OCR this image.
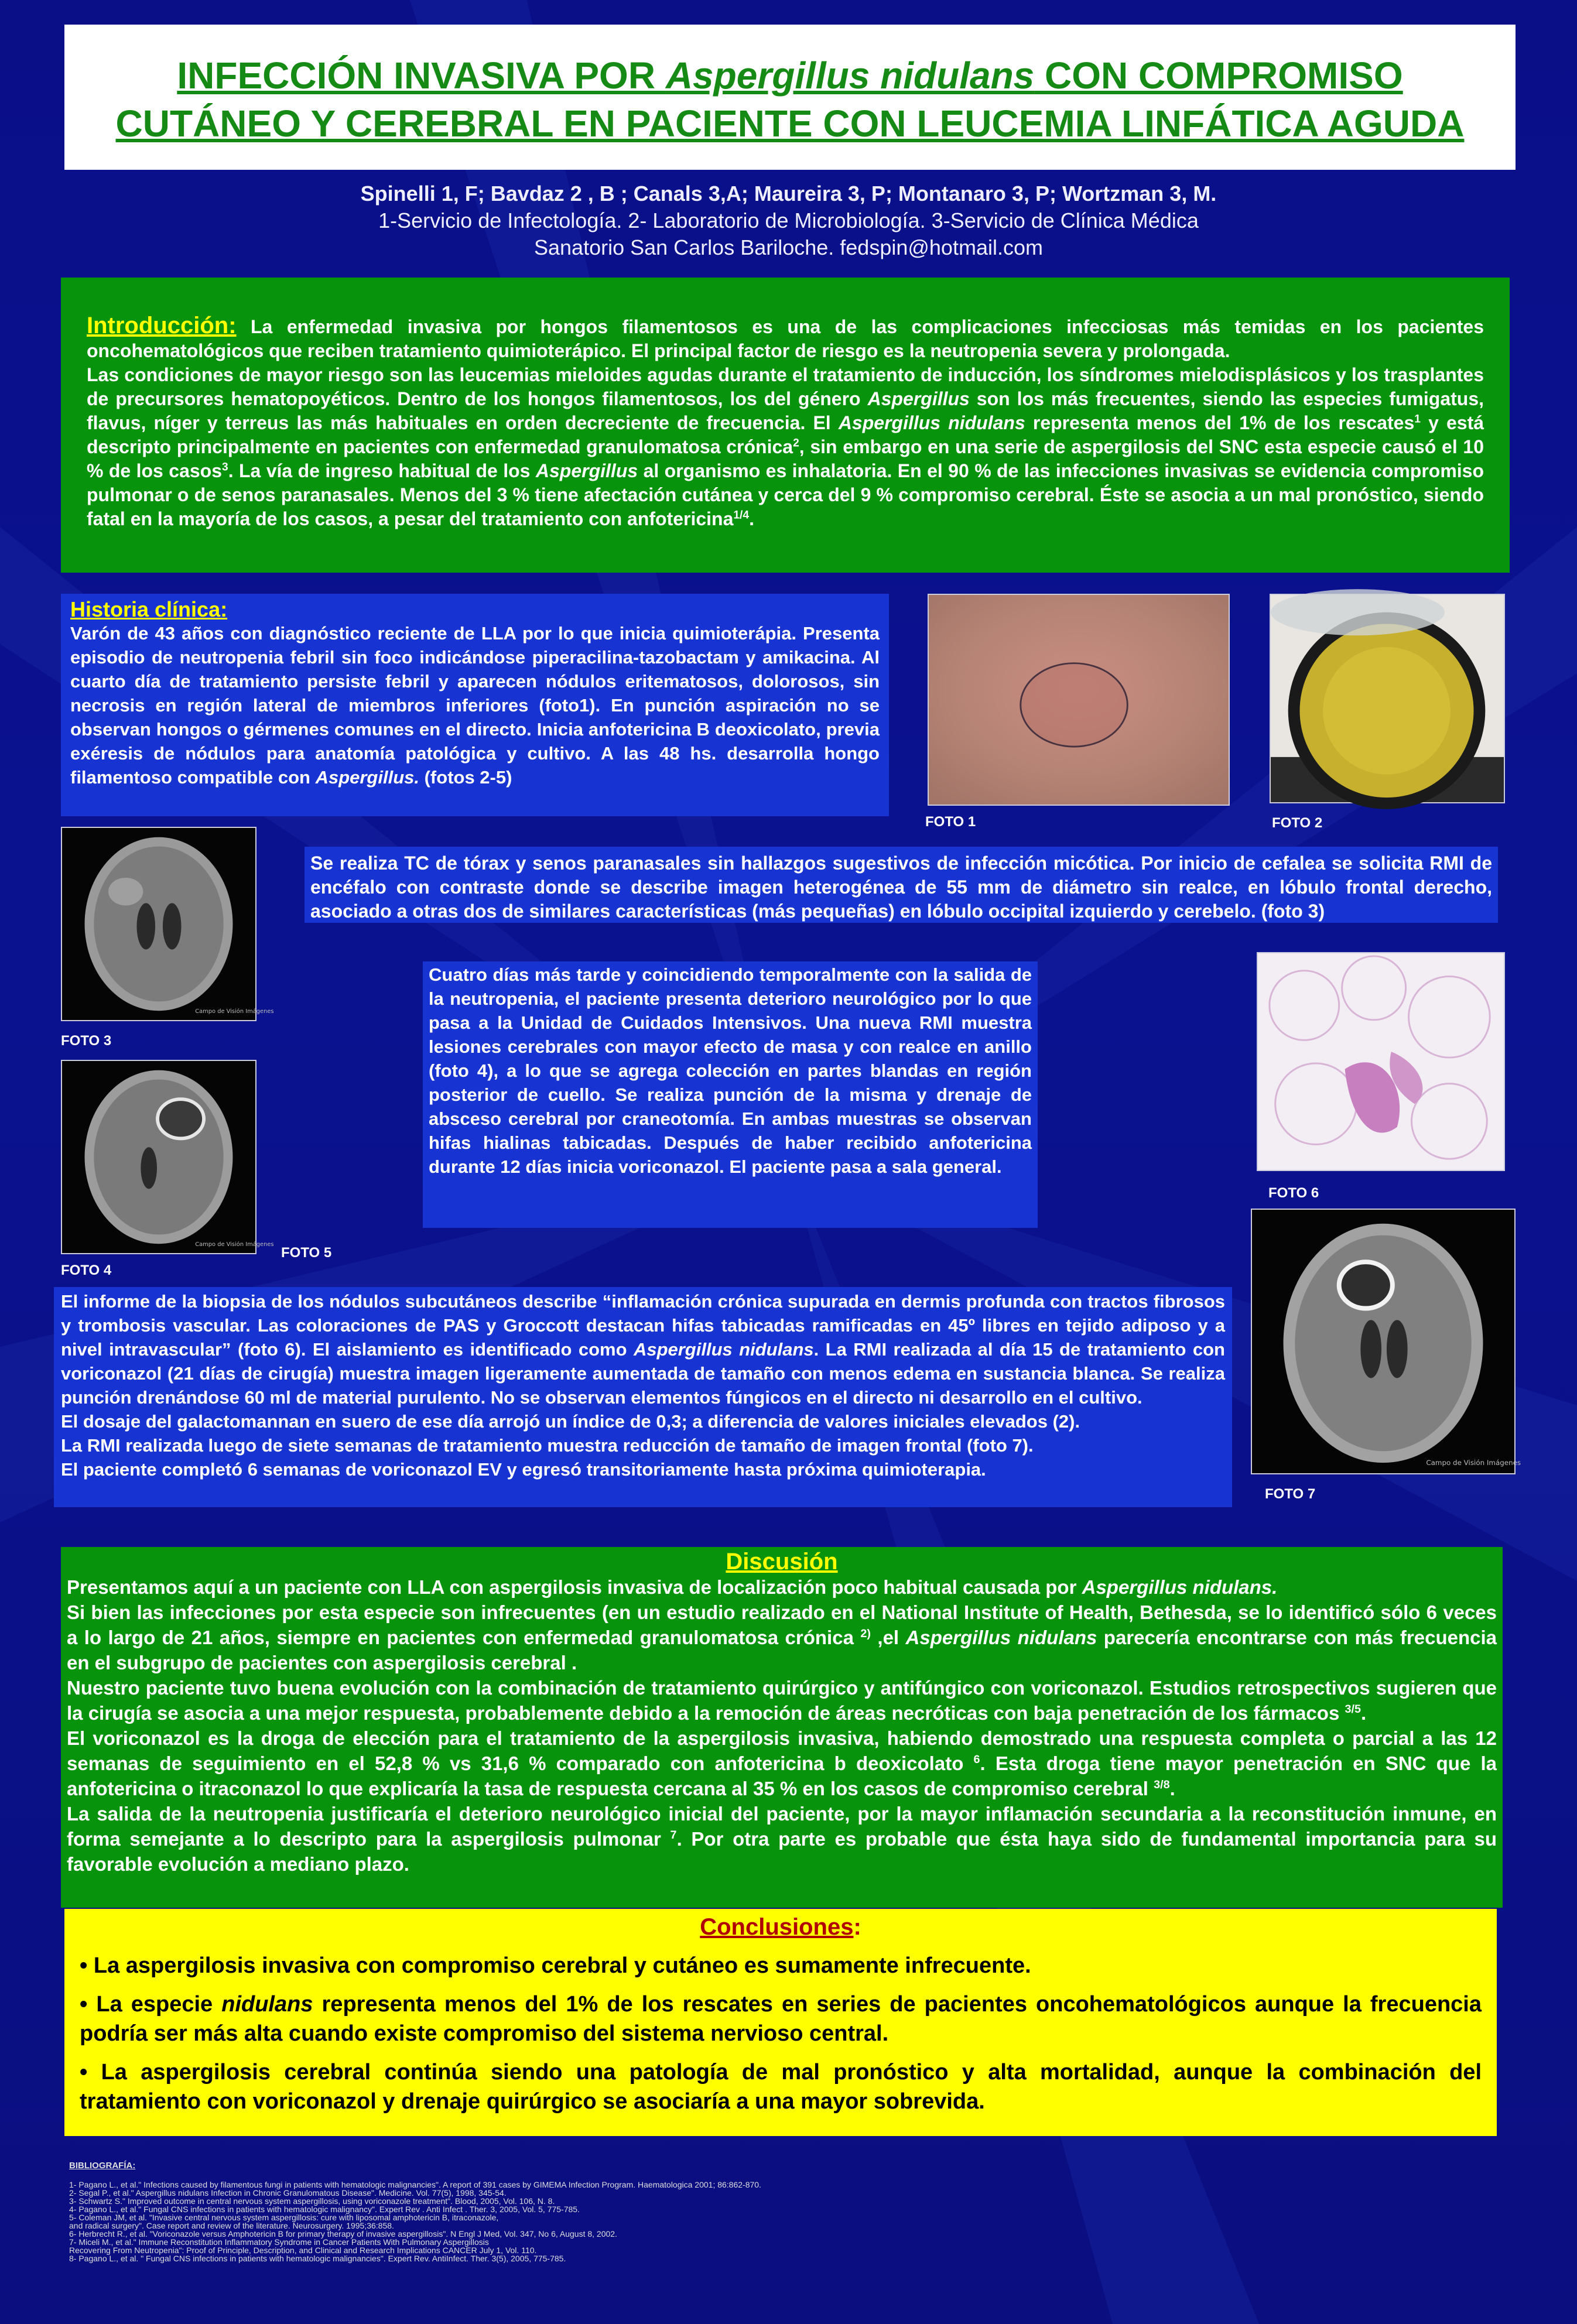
INFECCIÓN INVASIVA POR Aspergillus nidulans CON COMPROMISO
CUTÁNEO Y CEREBRAL EN PACIENTE CON LEUCEMIA LINFÁTICA AGUDA
Spinelli 1, F; Bavdaz 2 , B ; Canals 3,A; Maureira 3, P; Montanaro 3, P; Wortzman 3, M.
1-Servicio de Infectología. 2- Laboratorio de Microbiología. 3-Servicio de Clínica Médica
Sanatorio San Carlos Bariloche. fedspin@hotmail.com
Introducción: La enfermedad invasiva por hongos filamentosos es una de las complicaciones infecciosas más temidas en los pacientes oncohematológicos que reciben tratamiento quimioterápico. El principal factor de riesgo es la neutropenia severa y prolongada.
Las condiciones de mayor riesgo son las leucemias mieloides agudas durante el tratamiento de inducción, los síndromes mielodisplásicos y los trasplantes de precursores hematopoyéticos. Dentro de los hongos filamentosos, los del género Aspergillus son los más frecuentes, siendo las especies fumigatus, flavus, níger y terreus las más habituales en orden decreciente de frecuencia. El Aspergillus nidulans representa menos del 1% de los rescates$^1$ y está descripto principalmente en pacientes con enfermedad granulomatosa crónica$^2$, sin embargo en una serie de aspergilosis del SNC esta especie causó el 10 % de los casos$^3$. La vía de ingreso habitual de los Aspergillus al organismo es inhalatoria. En el 90 % de las infecciones invasivas se evidencia compromiso pulmonar o de senos paranasales. Menos del 3 % tiene afectación cutánea y cerca del 9 % compromiso cerebral. Éste se asocia a un mal pronóstico, siendo fatal en la mayoría de los casos, a pesar del tratamiento con anfotericina$^{1/4}$.
Historia clínica:
Varón de 43 años con diagnóstico reciente de LLA por lo que inicia quimioterápia. Presenta episodio de neutropenia febril sin foco indicándose piperacilina-tazobactam y amikacina. Al cuarto día de tratamiento persiste febril y aparecen nódulos eritematosos, dolorosos, sin necrosis en región lateral de miembros inferiores (foto1). En punción aspiración no se observan hongos o gérmenes comunes en el directo. Inicia anfotericina B deoxicolato, previa exéresis de nódulos para anatomía patológica y cultivo. A las 48 hs. desarrolla hongo filamentoso compatible con Aspergillus. (fotos 2-5)
FOTO 1	FOTO 2
Campo de Visión Imágenes
FOTO 3
Se realiza TC de tórax y senos paranasales sin hallazgos sugestivos de infección micótica. Por inicio de cefalea se solicita RMI de encéfalo con contraste donde se describe imagen heterogénea de 55 mm de diámetro sin realce, en lóbulo frontal derecho, asociado a otras dos de similares características (más pequeñas) en lóbulo occipital izquierdo y cerebelo. (foto 3)
Campo de Visión Imágenes
FOTO 4
FOTO 5
Cuatro días más tarde y coincidiendo temporalmente con la salida de la neutropenia, el paciente presenta deterioro neurológico por lo que pasa a la Unidad de Cuidados Intensivos. Una nueva RMI muestra lesiones cerebrales con mayor efecto de masa y con realce en anillo (foto 4), a lo que se agrega colección en partes blandas en región posterior de cuello. Se realiza punción de la misma y drenaje de absceso cerebral por craneotomía. En ambas muestras se observan hifas hialinas tabicadas. Después de haber recibido anfotericina durante 12 días inicia voriconazol. El paciente pasa a sala general.
FOTO 6
Campo de Visión Imágenes
FOTO 7
El informe de la biopsia de los nódulos subcutáneos describe “inflamación crónica supurada en dermis profunda con tractos fibrosos y trombosis vascular. Las coloraciones de PAS y Groccott destacan hifas tabicadas ramificadas en 45º libres en tejido adiposo y a nivel intravascular” (foto 6). El aislamiento es identificado como Aspergillus nidulans. La RMI realizada al día 15 de tratamiento con voriconazol (21 días de cirugía) muestra imagen ligeramente aumentada de tamaño con menos edema en sustancia blanca. Se realiza punción drenándose 60 ml de material purulento. No se observan elementos fúngicos en el directo ni desarrollo en el cultivo.
El dosaje del galactomannan en suero de ese día arrojó un índice de 0,3; a diferencia de valores iniciales elevados (2).
La RMI realizada luego de siete semanas de tratamiento muestra reducción de tamaño de imagen frontal (foto 7).
El paciente completó 6 semanas de voriconazol EV y egresó transitoriamente hasta próxima quimioterapia.
Discusión
Presentamos aquí a un paciente con LLA con aspergilosis invasiva de localización poco habitual causada por Aspergillus nidulans.
Si bien las infecciones por esta especie son infrecuentes (en un estudio realizado en el National Institute of Health, Bethesda, se lo identificó sólo 6 veces a lo largo de 21 años, siempre en pacientes con enfermedad granulomatosa crónica $^{2)}$ ,el Aspergillus nidulans parecería encontrarse con más frecuencia en el subgrupo de pacientes con aspergilosis cerebral .
Nuestro paciente tuvo buena evolución con la combinación de tratamiento quirúrgico y antifúngico con voriconazol. Estudios retrospectivos sugieren que la cirugía se asocia a una mejor respuesta, probablemente debido a la remoción de áreas necróticas con baja penetración de los fármacos $^{3/5}$.
El voriconazol es la droga de elección para el tratamiento de la aspergilosis invasiva, habiendo demostrado una respuesta completa o parcial a las 12 semanas de seguimiento en el 52,8 % vs 31,6 % comparado con anfotericina b deoxicolato $^6$. Esta droga tiene mayor penetración en SNC que la anfotericina o itraconazol lo que explicaría la tasa de respuesta cercana al 35 % en los casos de compromiso cerebral $^{3/8}$.
La salida de la neutropenia justificaría el deterioro neurológico inicial del paciente, por la mayor inflamación secundaria a la reconstitución inmune, en forma semejante a lo descripto para la aspergilosis pulmonar $^7$. Por otra parte es probable que ésta haya sido de fundamental importancia para su favorable evolución a mediano plazo.
Conclusiones:

• La aspergilosis invasiva con compromiso cerebral y cutáneo es sumamente infrecuente.

• La especie nidulans representa menos del 1% de los rescates en series de pacientes oncohematológicos aunque la frecuencia podría ser más alta cuando existe compromiso del sistema nervioso central.

• La aspergilosis cerebral continúa siendo una patología de mal pronóstico y alta mortalidad, aunque la combinación del tratamiento con voriconazol y drenaje quirúrgico se asociaría a una mayor sobrevida.

BIBLIOGRAFÍA:
1- Pagano L., et al." Infections caused by filamentous fungi in patients with hematologic malignancies". A report of 391 cases by GIMEMA Infection Program. Haematologica 2001; 86:862-870.
2- Segal P., et al." Aspergillus nidulans Infection in Chronic Granulomatous Disease". Medicine. Vol. 77(5), 1998, 345-54.
3- Schwartz S." Improved outcome in central nervous system aspergillosis, using voriconazole treatment". Blood, 2005, Vol. 106, N. 8.
4- Pagano L., et al." Fungal CNS infections in patients with hematologic malignancy". Expert Rev . Anti Infect . Ther. 3, 2005, Vol. 5, 775-785.
5- Coleman JM, et al. "Invasive central nervous system aspergillosis: cure with liposomal amphotericin B, itraconazole,
and radical surgery". Case report and review of the literature. Neurosurgery. 1995;36:858.
6- Herbrecht R., et al. "Voriconazole versus Amphotericin B for primary therapy of invasive aspergillosis". N Engl J Med, Vol. 347, No 6, August 8, 2002.
7- Miceli M., et al." Immune Reconstitution Inflammatory Syndrome in Cancer Patients With Pulmonary Aspergillosis
Recovering From Neutropenia": Proof of Principle, Description, and Clinical and Research Implications CANCER July 1, Vol. 110.
8- Pagano L., et al. " Fungal CNS infections in patients with hematologic malignancies". Expert Rev. AntiInfect. Ther. 3(5), 2005, 775-785.
